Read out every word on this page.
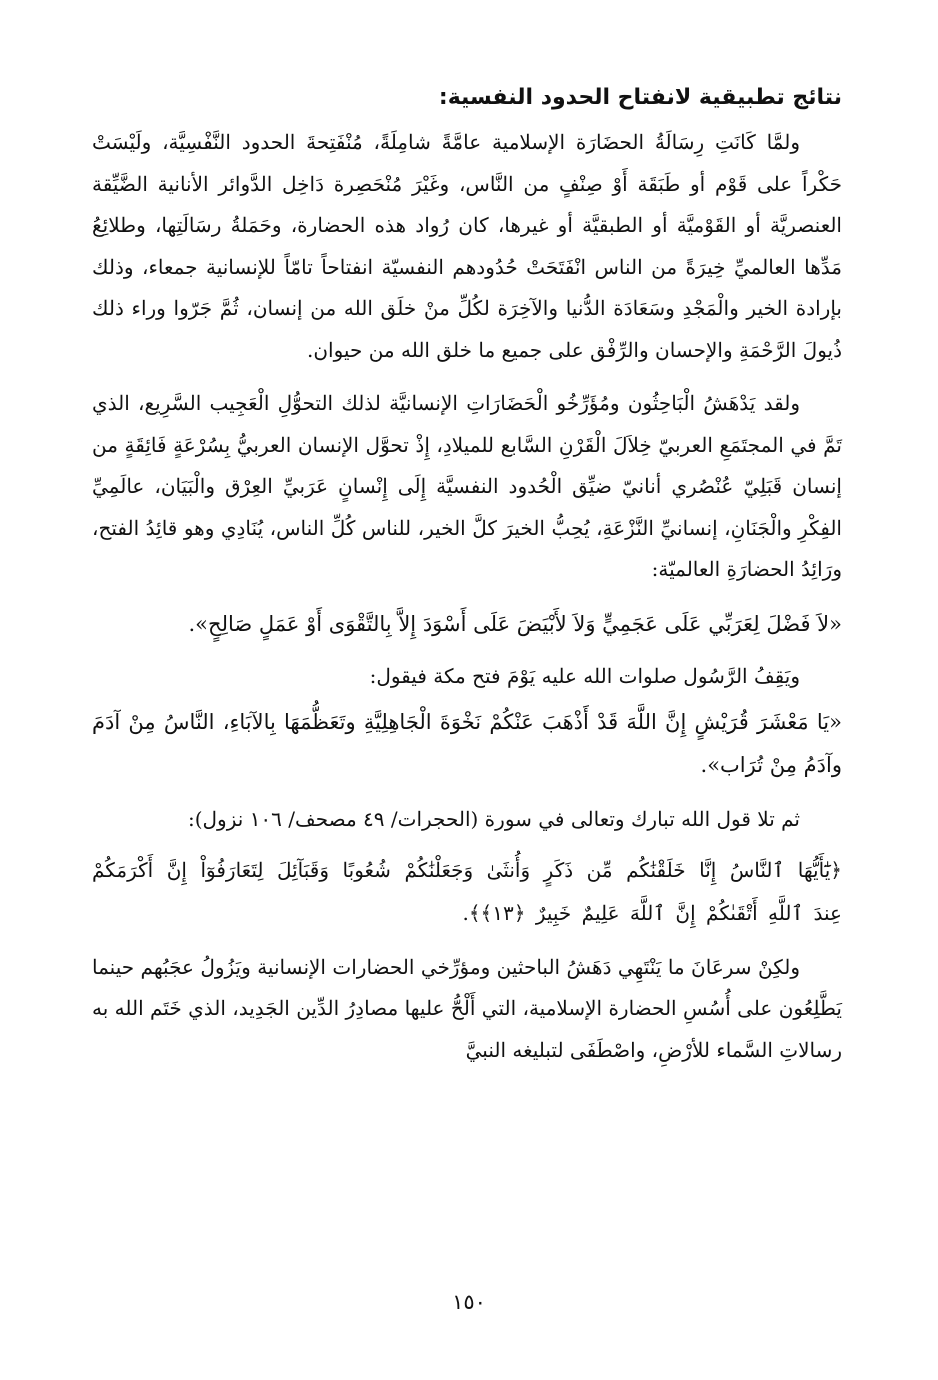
نتائج تطبيقية لانفتاح الحدود النفسية:

ولمَّا كَانَتِ رِسَالَةُ الحضَارَة الإسلامية عامَّةً شامِلَةً، مُنْفَتِحةَ الحدود النَّفْسِيَّة، ولَيْسَتْ حَكْراً على قَوْم أو طَبَقَة أَوْ صِنْفٍ من النَّاس، وغَيْرَ مُنْحَصِرة دَاخِل الدَّوائر الأنانية الضَّيِّقة العنصريَّة أو القَوْميَّة أو الطبقيَّة أو غيرها، كان رُواد هذه الحضارة، وحَمَلةُ رسَالَتِها، وطلائِعُ مَدِّها العالميِّ خِيرَةً من الناس انْفَتَحَتْ حُدُودهم النفسيّة انفتاحاً تامّاً للإنسانية جمعاء، وذلك بإرادة الخير والْمَجْدِ وسَعَادَة الدُّنيا والآخِرَة لكُلِّ منْ خلَق الله من إنسان، ثُمَّ جَرّوا وراء ذلك ذُيولَ الرَّحْمَةِ والإحسان والرِّفْق على جميع ما خلق الله من حيوان.

ولقد يَدْهَشُ الْبَاحِثُون ومُؤَرِّخُو الْحَضَارَاتِ الإنسانيَّة لذلك التحوُّلِ الْعَجِيب السَّرِيع، الذي تَمَّ في المجتَمَعِ العربيّ خِلاَلَ الْقَرْنِ السَّابع للميلادِ، إِذْ تحوَّل الإنسان العربيُّ بِسُرْعَةٍ فَائِقَةٍ من إنسان قَبَلِيّ عُنْصُري أنانيّ ضيِّق الْحُدود النفسيَّة إِلَى إِنْسانٍ عَرَبيِّ العِرْق والْبَيَان، عالَمِيِّ الفِكْرِ والْجَنَانِ، إنسانيِّ النَّزْعَةِ، يُحِبُّ الخيرَ كلَّ الخير، للناس كُلِّ الناس، يُنَادِي وهو قائِدُ الفتح، ورَائِدُ الحضارَةِ العالميّة:

«لاَ فَضْلَ لِعَرَبِّي عَلَى عَجَمِيٍّ وَلاَ لأَبْيَضَ عَلَى أَسْوَدَ إِلاَّ بِالتَّقْوَى أَوْ عَمَلٍ صَالِحٍ».

ويَقِفُ الرَّسُول صلوات الله عليه يَوْمَ فتح مكة فيقول:

«يَا مَعْشَرَ قُرَيْشٍ إِنَّ اللَّهَ قَدْ أَذْهَبَ عَنْكُمْ نَخْوَةَ الْجَاهِلِيَّةِ وتَعَظُّمَهَا بِالآبَاءِ، النَّاسُ مِنْ آدَمَ وآدَمُ مِنْ تُرَاب».

ثم تلا قول الله تبارك وتعالى في سورة (الحجرات/ ٤٩ مصحف/ ١٠٦ نزول):

﴿يَٰٓأَيُّهَا ٱلنَّاسُ إِنَّا خَلَقْنَٰكُم مِّن ذَكَرٍ وَأُنثَىٰ وَجَعَلْنَٰكُمْ شُعُوبًا وَقَبَآئِلَ لِتَعَارَفُوٓاْ إِنَّ أَكْرَمَكُمْ عِندَ ٱللَّهِ أَتْقَىٰكُمْ إِنَّ ٱللَّهَ عَلِيمٌ خَبِيرٌ ﴿١٣﴾﴾.

ولكِنْ سرعَانَ ما يَنْتَهِي دَهَشُ الباحثين ومؤرِّخي الحضارات الإنسانية ويَزُولُ عجَبُهم حينما يَطَّلِعُون على أُسُسِ الحضارة الإسلامية، التي أَلْحُّ عليها مصادِرُ الدِّين الجَدِيد، الذي خَتَم الله به رسالاتِ السَّماء للأرْضِ، واصْطَفَى لتبليغه النبيَّ

١٥٠
